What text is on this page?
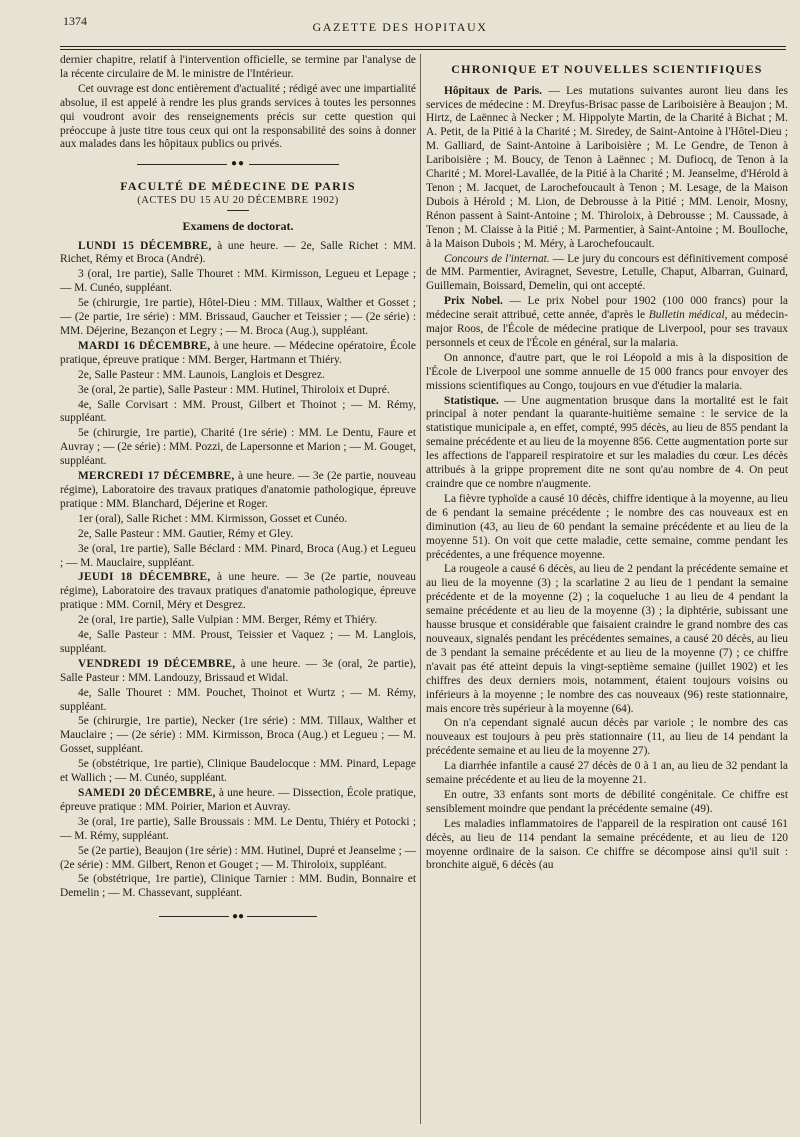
1374	GAZETTE DES HOPITAUX

dernier chapitre, relatif à l'intervention officielle, se termine par l'analyse de la récente circulaire de M. le ministre de l'Intérieur.

Cet ouvrage est donc entièrement d'actualité ; rédigé avec une impartialité absolue, il est appelé à rendre les plus grands services à toutes les personnes qui voudront avoir des renseignements précis sur cette question qui préoccupe à juste titre tous ceux qui ont la responsabilité des soins à donner aux malades dans les hôpitaux publics ou privés.

●●
FACULTÉ DE MÉDECINE DE PARIS
(ACTES DU 15 AU 20 DÉCEMBRE 1902)
Examens de doctorat.

LUNDI 15 DÉCEMBRE, à une heure. — 2e, Salle Richet : MM. Richet, Rémy et Broca (André).

3 (oral, 1re partie), Salle Thouret : MM. Kirmisson, Legueu et Lepage ; — M. Cunéo, suppléant.

5e (chirurgie, 1re partie), Hôtel-Dieu : MM. Tillaux, Walther et Gosset ; — (2e partie, 1re série) : MM. Brissaud, Gaucher et Teissier ; — (2e série) : MM. Déjerine, Bezançon et Legry ; — M. Broca (Aug.), suppléant.

MARDI 16 DÉCEMBRE, à une heure. — Médecine opératoire, École pratique, épreuve pratique : MM. Berger, Hartmann et Thiéry.

2e, Salle Pasteur : MM. Launois, Langlois et Desgrez.

3e (oral, 2e partie), Salle Pasteur : MM. Hutinel, Thiroloix et Dupré.

4e, Salle Corvisart : MM. Proust, Gilbert et Thoinot ; — M. Rémy, suppléant.

5e (chirurgie, 1re partie), Charité (1re série) : MM. Le Dentu, Faure et Auvray ; — (2e série) : MM. Pozzi, de Lapersonne et Marion ; — M. Gouget, suppléant.

MERCREDI 17 DÉCEMBRE, à une heure. — 3e (2e partie, nouveau régime), Laboratoire des travaux pratiques d'anatomie pathologique, épreuve pratique : MM. Blanchard, Déjerine et Roger.

1er (oral), Salle Richet : MM. Kirmisson, Gosset et Cunéo.

2e, Salle Pasteur : MM. Gautier, Rémy et Gley.

3e (oral, 1re partie), Salle Béclard : MM. Pinard, Broca (Aug.) et Legueu ; — M. Mauclaire, suppléant.

JEUDI 18 DÉCEMBRE, à une heure. — 3e (2e partie, nouveau régime), Laboratoire des travaux pratiques d'anatomie pathologique, épreuve pratique : MM. Cornil, Méry et Desgrez.

2e (oral, 1re partie), Salle Vulpian : MM. Berger, Rémy et Thiéry.

4e, Salle Pasteur : MM. Proust, Teissier et Vaquez ; — M. Langlois, suppléant.

VENDREDI 19 DÉCEMBRE, à une heure. — 3e (oral, 2e partie), Salle Pasteur : MM. Landouzy, Brissaud et Widal.

4e, Salle Thouret : MM. Pouchet, Thoinot et Wurtz ; — M. Rémy, suppléant.

5e (chirurgie, 1re partie), Necker (1re série) : MM. Tillaux, Walther et Mauclaire ; — (2e série) : MM. Kirmisson, Broca (Aug.) et Legueu ; — M. Gosset, suppléant.

5e (obstétrique, 1re partie), Clinique Baudelocque : MM. Pinard, Lepage et Wallich ; — M. Cunéo, suppléant.

SAMEDI 20 DÉCEMBRE, à une heure. — Dissection, École pratique, épreuve pratique : MM. Poirier, Marion et Auvray.

3e (oral, 1re partie), Salle Broussais : MM. Le Dentu, Thiéry et Potocki ; — M. Rémy, suppléant.

5e (2e partie), Beaujon (1re série) : MM. Hutinel, Dupré et Jeanselme ; — (2e série) : MM. Gilbert, Renon et Gouget ; — M. Thiroloix, suppléant.

5e (obstétrique, 1re partie), Clinique Tarnier : MM. Budin, Bonnaire et Demelin ; — M. Chassevant, suppléant.

●●
CHRONIQUE ET NOUVELLES SCIENTIFIQUES

Hôpitaux de Paris. — Les mutations suivantes auront lieu dans les services de médecine : M. Dreyfus-Brisac passe de Lariboisière à Beaujon ; M. Hirtz, de Laënnec à Necker ; M. Hippolyte Martin, de la Charité à Bichat ; M. A. Petit, de la Pitié à la Charité ; M. Siredey, de Saint-Antoine à l'Hôtel-Dieu ; M. Galliard, de Saint-Antoine à Lariboisière ; M. Le Gendre, de Tenon à Lariboisière ; M. Boucy, de Tenon à Laënnec ; M. Dufiocq, de Tenon à la Charité ; M. Morel-Lavallée, de la Pitié à la Charité ; M. Jeanselme, d'Hérold à Tenon ; M. Jacquet, de Larochefoucault à Tenon ; M. Lesage, de la Maison Dubois à Hérold ; M. Lion, de Debrousse à la Pitié ; MM. Lenoir, Mosny, Rénon passent à Saint-Antoine ; M. Thiroloix, à Debrousse ; M. Caussade, à Tenon ; M. Claisse à la Pitié ; M. Parmentier, à Saint-Antoine ; M. Boulloche, à la Maison Dubois ; M. Méry, à Larochefoucault.

Concours de l'internat. — Le jury du concours est définitivement composé de MM. Parmentier, Aviragnet, Sevestre, Letulle, Chaput, Albarran, Guinard, Guillemain, Boissard, Demelin, qui ont accepté.

Prix Nobel. — Le prix Nobel pour 1902 (100 000 francs) pour la médecine serait attribué, cette année, d'après le Bulletin médical, au médecin-major Roos, de l'École de médecine pratique de Liverpool, pour ses travaux personnels et ceux de l'École en général, sur la malaria.

On annonce, d'autre part, que le roi Léopold a mis à la disposition de l'École de Liverpool une somme annuelle de 15 000 francs pour envoyer des missions scientifiques au Congo, toujours en vue d'étudier la malaria.

Statistique. — Une augmentation brusque dans la mortalité est le fait principal à noter pendant la quarante-huitième semaine : le service de la statistique municipale a, en effet, compté, 995 décès, au lieu de 855 pendant la semaine précédente et au lieu de la moyenne 856. Cette augmentation porte sur les affections de l'appareil respiratoire et sur les maladies du cœur. Les décès attribués à la grippe proprement dite ne sont qu'au nombre de 4. On peut craindre que ce nombre n'augmente.

La fièvre typhoïde a causé 10 décès, chiffre identique à la moyenne, au lieu de 6 pendant la semaine précédente ; le nombre des cas nouveaux est en diminution (43, au lieu de 60 pendant la semaine précédente et au lieu de la moyenne 51). On voit que cette maladie, cette semaine, comme pendant les précédentes, a une fréquence moyenne.

La rougeole a causé 6 décès, au lieu de 2 pendant la précédente semaine et au lieu de la moyenne (3) ; la scarlatine 2 au lieu de 1 pendant la semaine précédente et de la moyenne (2) ; la coqueluche 1 au lieu de 4 pendant la semaine précédente et au lieu de la moyenne (3) ; la diphtérie, subissant une hausse brusque et considérable que faisaient craindre le grand nombre des cas nouveaux, signalés pendant les précédentes semaines, a causé 20 décès, au lieu de 3 pendant la semaine précédente et au lieu de la moyenne (7) ; ce chiffre n'avait pas été atteint depuis la vingt-septième semaine (juillet 1902) et les chiffres des deux derniers mois, notamment, étaient toujours voisins ou inférieurs à la moyenne ; le nombre des cas nouveaux (96) reste stationnaire, mais encore très supérieur à la moyenne (64).

On n'a cependant signalé aucun décès par variole ; le nombre des cas nouveaux est toujours à peu près stationnaire (11, au lieu de 14 pendant la précédente semaine et au lieu de la moyenne 27).

La diarrhée infantile a causé 27 décès de 0 à 1 an, au lieu de 32 pendant la semaine précédente et au lieu de la moyenne 21.

En outre, 33 enfants sont morts de débilité congénitale. Ce chiffre est sensiblement moindre que pendant la précédente semaine (49).

Les maladies inflammatoires de l'appareil de la respiration ont causé 161 décès, au lieu de 114 pendant la semaine précédente, et au lieu de 120 moyenne ordinaire de la saison. Ce chiffre se décompose ainsi qu'il suit : bronchite aiguë, 6 décès (au
